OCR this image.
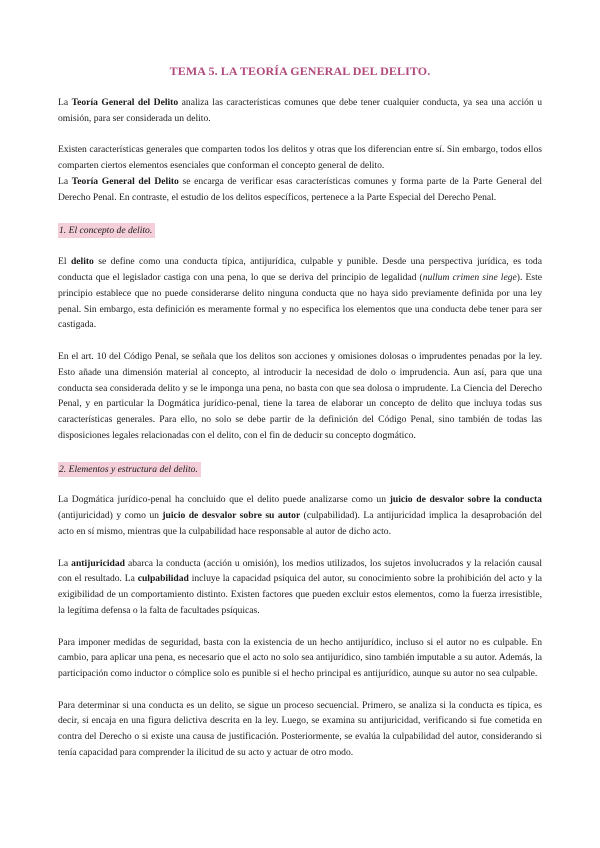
TEMA 5. LA TEORÍA GENERAL DEL DELITO.

La Teoría General del Delito analiza las características comunes que debe tener cualquier conducta, ya sea una acción u omisión, para ser considerada un delito.

Existen características generales que comparten todos los delitos y otras que los diferencian entre sí. Sin embargo, todos ellos comparten ciertos elementos esenciales que conforman el concepto general de delito.

La Teoría General del Delito se encarga de verificar esas características comunes y forma parte de la Parte General del Derecho Penal. En contraste, el estudio de los delitos específicos, pertenece a la Parte Especial del Derecho Penal.

1. El concepto de delito.

El delito se define como una conducta típica, antijurídica, culpable y punible. Desde una perspectiva jurídica, es toda conducta que el legislador castiga con una pena, lo que se deriva del principio de legalidad (nullum crimen sine lege). Este principio establece que no puede considerarse delito ninguna conducta que no haya sido previamente definida por una ley penal. Sin embargo, esta definición es meramente formal y no especifica los elementos que una conducta debe tener para ser castigada.

En el art. 10 del Código Penal, se señala que los delitos son acciones y omisiones dolosas o imprudentes penadas por la ley. Esto añade una dimensión material al concepto, al introducir la necesidad de dolo o imprudencia. Aun así, para que una conducta sea considerada delito y se le imponga una pena, no basta con que sea dolosa o imprudente. La Ciencia del Derecho Penal, y en particular la Dogmática jurídico-penal, tiene la tarea de elaborar un concepto de delito que incluya todas sus características generales. Para ello, no solo se debe partir de la definición del Código Penal, sino también de todas las disposiciones legales relacionadas con el delito, con el fin de deducir su concepto dogmático.

2. Elementos y estructura del delito.

La Dogmática jurídico-penal ha concluido que el delito puede analizarse como un juicio de desvalor sobre la conducta (antijuricidad) y como un juicio de desvalor sobre su autor (culpabilidad). La antijuricidad implica la desaprobación del acto en sí mismo, mientras que la culpabilidad hace responsable al autor de dicho acto.

La antijuricidad abarca la conducta (acción u omisión), los medios utilizados, los sujetos involucrados y la relación causal con el resultado. La culpabilidad incluye la capacidad psíquica del autor, su conocimiento sobre la prohibición del acto y la exigibilidad de un comportamiento distinto. Existen factores que pueden excluir estos elementos, como la fuerza irresistible, la legítima defensa o la falta de facultades psíquicas.

Para imponer medidas de seguridad, basta con la existencia de un hecho antijurídico, incluso si el autor no es culpable. En cambio, para aplicar una pena, es necesario que el acto no solo sea antijurídico, sino también imputable a su autor. Además, la participación como inductor o cómplice solo es punible si el hecho principal es antijurídico, aunque su autor no sea culpable.

Para determinar si una conducta es un delito, se sigue un proceso secuencial. Primero, se analiza si la conducta es típica, es decir, si encaja en una figura delictiva descrita en la ley. Luego, se examina su antijuricidad, verificando si fue cometida en contra del Derecho o si existe una causa de justificación. Posteriormente, se evalúa la culpabilidad del autor, considerando si tenía capacidad para comprender la ilicitud de su acto y actuar de otro modo.
